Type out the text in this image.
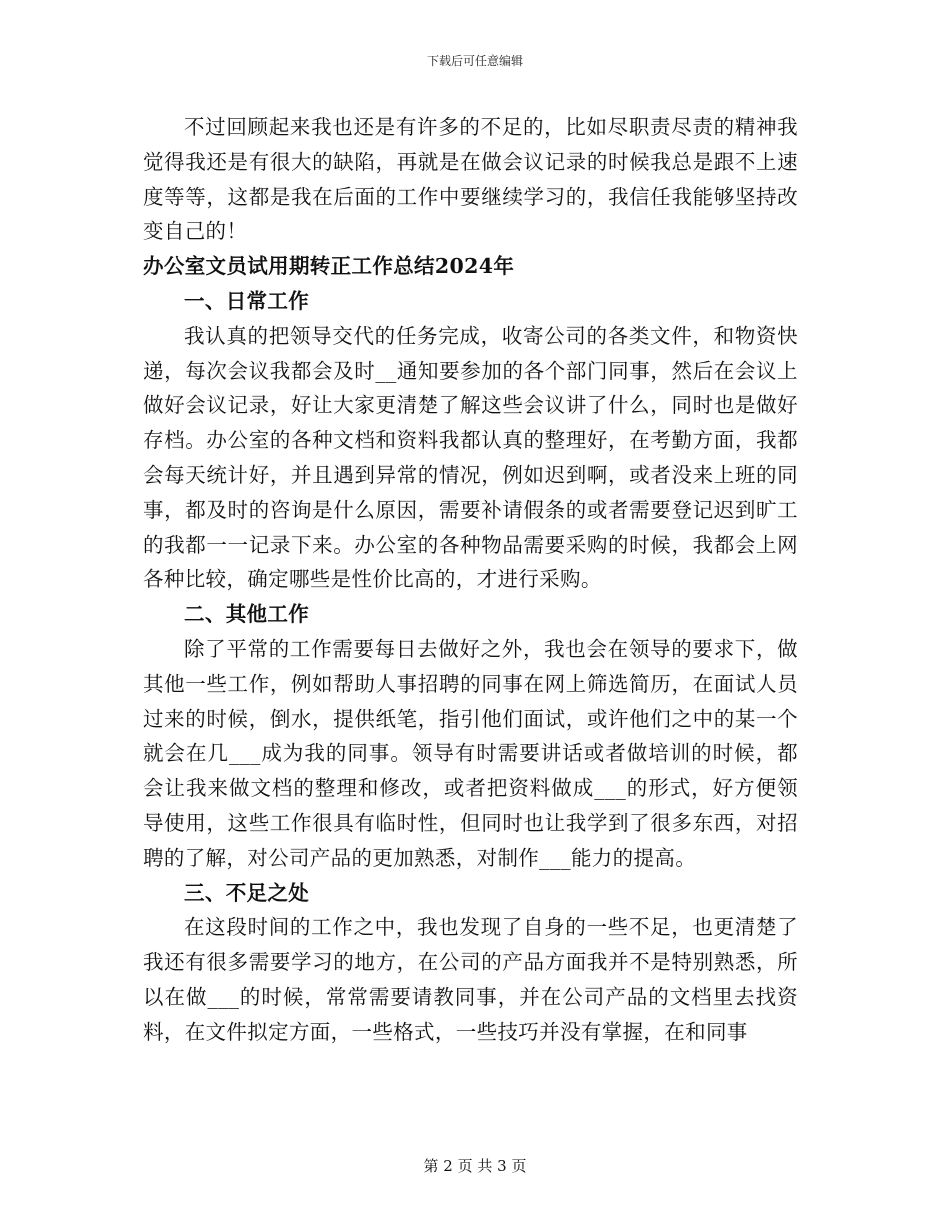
下载后可任意编辑

不过回顾起来我也还是有许多的不足的，比如尽职责尽责的精神我觉得我还是有很大的缺陷，再就是在做会议记录的时候我总是跟不上速度等等，这都是我在后面的工作中要继续学习的，我信任我能够坚持改变自己的！

办公室文员试用期转正工作总结2024年

一、日常工作

我认真的把领导交代的任务完成，收寄公司的各类文件，和物资快递，每次会议我都会及时__通知要参加的各个部门同事，然后在会议上做好会议记录，好让大家更清楚了解这些会议讲了什么，同时也是做好存档。办公室的各种文档和资料我都认真的整理好，在考勤方面，我都会每天统计好，并且遇到异常的情况，例如迟到啊，或者没来上班的同事，都及时的咨询是什么原因，需要补请假条的或者需要登记迟到旷工的我都一一记录下来。办公室的各种物品需要采购的时候，我都会上网各种比较，确定哪些是性价比高的，才进行采购。

二、其他工作

除了平常的工作需要每日去做好之外，我也会在领导的要求下，做其他一些工作，例如帮助人事招聘的同事在网上筛选简历，在面试人员过来的时候，倒水，提供纸笔，指引他们面试，或许他们之中的某一个就会在几___成为我的同事。领导有时需要讲话或者做培训的时候，都会让我来做文档的整理和修改，或者把资料做成___的形式，好方便领导使用，这些工作很具有临时性，但同时也让我学到了很多东西，对招聘的了解，对公司产品的更加熟悉，对制作___能力的提高。

三、不足之处

在这段时间的工作之中，我也发现了自身的一些不足，也更清楚了我还有很多需要学习的地方，在公司的产品方面我并不是特别熟悉，所以在做___的时候，常常需要请教同事，并在公司产品的文档里去找资料，在文件拟定方面，一些格式，一些技巧并没有掌握，在和同事

第 2 页 共 3 页
